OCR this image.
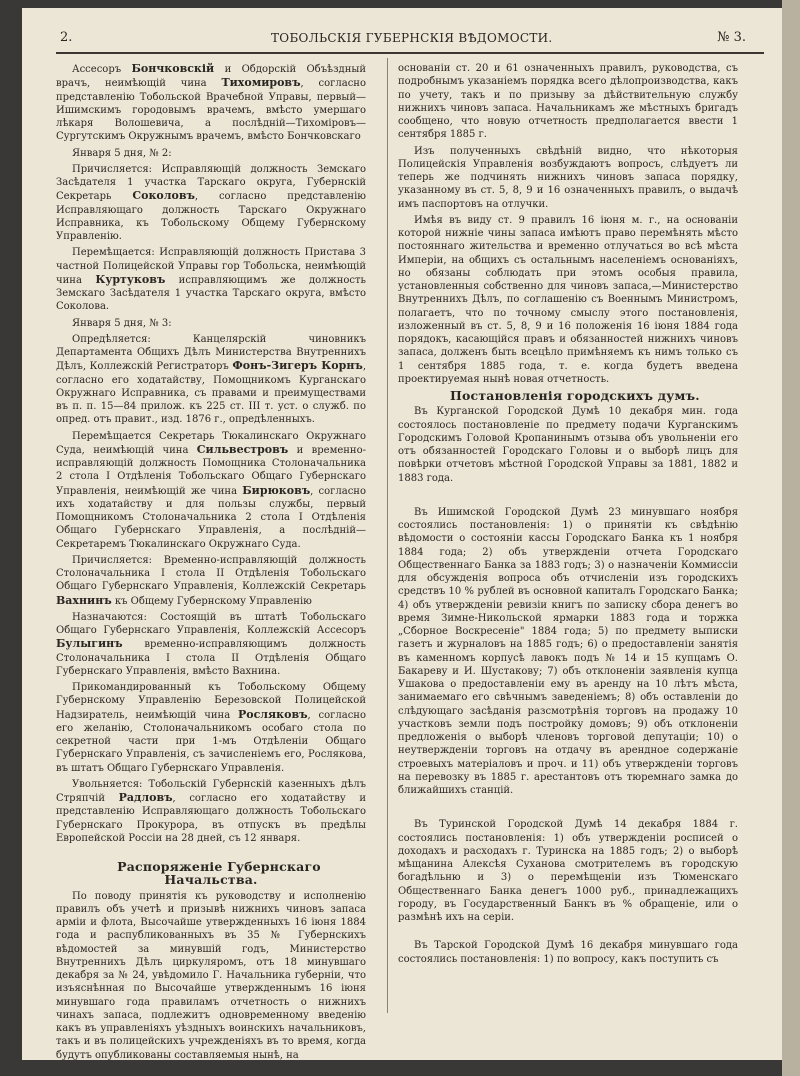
2.	ТОБОЛЬСКІЯ ГУБЕРНСКІЯ ВѢДОМОСТИ.	№ 3.

Ассесоръ Бончковскій и Обдорскій Объѣздный врачъ, неимѣющій чина Тихомировъ, согласно представленію Тобольской Врачебной Управы, первый—Ишимскимъ городовымъ врачемъ, вмѣсто умершаго лѣкаря Волошевича, а послѣдній—Тихоміровъ—Сургутскимъ Окружнымъ врачемъ, вмѣсто Бончковскаго

Января 5 дня, № 2:

Причисляется: Исправляющій должность Земскаго Засѣдателя 1 участка Тарскаго округа, Губернскій Секретарь Соколовъ, согласно представленію Исправляющаго должность Тарскаго Окружнаго Исправника, къ Тобольскому Общему Губернскому Управленію.

Перемѣщается: Исправляющій должность Пристава 3 частной Полицейской Управы гор Тобольска, неимѣющій чина Куртуковъ исправляющимъ же должность Земскаго Засѣдателя 1 участка Тарскаго округа, вмѣсто Соколова.

Января 5 дня, № 3:

Опредѣляется: Канцелярскій чиновникъ Департамента Общихъ Дѣлъ Министерства Внутреннихъ Дѣлъ, Коллежскій Регистраторъ Фонъ-Зигеръ Корнъ, согласно его ходатайству, Помощникомъ Курганскаго Окружнаго Исправника, съ правами и преимуществами въ п. п. 15—84 прилож. къ 225 ст. III т. уст. о служб. по опред. отъ правит., изд. 1876 г., опредѣленныхъ.

Перемѣщается Секретарь Тюкалинскаго Окружнаго Суда, неимѣющій чина Сильвестровъ и временно-исправляющій должность Помощника Столоначальника 2 стола I Отдѣленія Тобольскаго Общаго Губернскаго Управленія, неимѣющій же чина Бирюковъ, согласно ихъ ходатайству и для пользы службы, первый Помощникомъ Столоначальника 2 стола I Отдѣленія Общаго Губернскаго Управленія, а послѣдній—Секретаремъ Тюкалинскаго Окружнаго Суда.

Причисляется: Временно-исправляющій должность Столоначальника I стола II Отдѣленія Тобольскаго Общаго Губернскаго Управленія, Коллежскій Секретарь Вахнинъ къ Общему Губернскому Управленію

Назначаются: Состоящій въ штатѣ Тобольскаго Общаго Губернскаго Управленія, Коллежскій Ассесоръ Булыгинъ временно-исправляющимъ должность Столоначальника I стола II Отдѣленія Общаго Губернскаго Управленія, вмѣсто Вахнина.

Прикомандированный къ Тобольскому Общему Губернскому Управленію Березовской Полицейской Надзиратель, неимѣющій чина Росляковъ, согласно его желанію, Столоначальникомъ особаго стола по секретной части при 1-мъ Отдѣленіи Общаго Губернскаго Управленія, съ зачисленіемъ его, Рослякова, въ штатъ Общаго Губернскаго Управленія.

Увольняется: Тобольскій Губернскій казенныхъ дѣлъ Стряпчій Радловъ, согласно его ходатайству и представленію Исправляющаго должность Тобольскаго Губернскаго Прокурора, въ отпускъ въ предѣлы Европейской Россіи на 28 дней, съ 12 января.

Распоряженіе Губернскаго Начальства.

По поводу принятія къ руководству и исполненію правилъ объ учетѣ и призывѣ нижнихъ чиновъ запаса арміи и флота, Высочайше утвержденныхъ 16 іюня 1884 года и распубликованныхъ въ 35 № Губернскихъ вѣдомостей за минувшій годъ, Министерство Внутреннихъ Дѣлъ циркуляромъ, отъ 18 минувшаго декабря за № 24, увѣдомило Г. Начальника губерніи, что изъяснѣнная по Высочайше утвержденнымъ 16 іюня минувшаго года правиламъ отчетность о нижнихъ чинахъ запаса, подлежитъ одновременному введенію какъ въ управленіяхъ уѣздныхъ воинскихъ начальниковъ, такъ и въ полицейскихъ учрежденіяхъ въ то время, когда будутъ опубликованы составляемыя нынѣ, на

основаніи ст. 20 и 61 означенныхъ правилъ, руководства, съ подробнымъ указаніемъ порядка всего дѣлопроизводства, какъ по учету, такъ и по призыву за дѣйствительную службу нижнихъ чиновъ запаса. Начальникамъ же мѣстныхъ бригадъ сообщено, что новую отчетность предполагается ввести 1 сентября 1885 г.

Изъ полученныхъ свѣдѣній видно, что нѣкоторыя Полицейскія Управленія возбуждаютъ вопросъ, слѣдуетъ ли теперь же подчинять нижнихъ чиновъ запаса порядку, указанному въ ст. 5, 8, 9 и 16 означенныхъ правилъ, о выдачѣ имъ паспортовъ на отлучки.

Имѣя въ виду ст. 9 правилъ 16 іюня м. г., на основаніи которой нижніе чины запаса имѣютъ право перемѣнять мѣсто постояннаго жительства и временно отлучаться во всѣ мѣста Имперіи, на общихъ съ остальнымъ населеніемъ основаніяхъ, но обязаны соблюдать при этомъ особыя правила, установленныя собственно для чиновъ запаса,—Министерство Внутреннихъ Дѣлъ, по соглашенію съ Военнымъ Министромъ, полагаетъ, что по точному смыслу этого постановленія, изложенный въ ст. 5, 8, 9 и 16 положенія 16 іюня 1884 года порядокъ, касающійся правъ и обязанностей нижнихъ чиновъ запаса, долженъ быть всецѣло примѣняемъ къ нимъ только съ 1 сентября 1885 года, т. е. когда будетъ введена проектируемая нынѣ новая отчетность.

Постановленія городскихъ думъ.

Въ Курганской Городской Думѣ 10 декабря мин. года состоялось постановленіе по предмету подачи Курганскимъ Городскимъ Головой Кропанинымъ отзыва объ увольненіи его отъ обязанностей Городскаго Головы и о выборѣ лицъ для повѣрки отчетовъ мѣстной Городской Управы за 1881, 1882 и 1883 года.

Въ Ишимской Городской Думѣ 23 минувшаго ноября состоялись постановленія: 1) о принятіи къ свѣдѣнію вѣдомости о состояніи кассы Городскаго Банка къ 1 ноября 1884 года; 2) объ утвержденіи отчета Городскаго Общественнаго Банка за 1883 годъ; 3) о назначеніи Коммиссіи для обсужденія вопроса объ отчисленіи изъ городскихъ средствъ 10 % рублей въ основной капиталъ Городскаго Банка; 4) объ утвержденіи ревизіи книгъ по записку сбора денегъ во время Зимне-Никольской ярмарки 1883 года и торжка „Сборное Воскресеніе" 1884 года; 5) по предмету выписки газетъ и журналовъ на 1885 годъ; 6) о предоставленіи занятія въ каменномъ корпусѣ лавокъ подъ № 14 и 15 купцамъ О. Бакареву и И. Шустакову; 7) объ отклоненіи заявленія купца Ушакова о предоставленіи ему въ аренду на 10 лѣтъ мѣста, занимаемаго его свѣчнымъ заведеніемъ; 8) объ оставленіи до слѣдующаго засѣданія разсмотрѣнія торговъ на продажу 10 участковъ земли подъ постройку домовъ; 9) объ отклоненіи предложенія о выборѣ членовъ торговой депутаціи; 10) о неутвержденіи торговъ на отдачу въ арендное содержаніе строевыхъ матеріаловъ и проч. и 11) объ утвержденіи торговъ на перевозку въ 1885 г. арестантовъ отъ тюремнаго замка до ближайшихъ станцій.

Въ Туринской Городской Думѣ 14 декабря 1884 г. состоялись постановленія: 1) объ утвержденіи росписей о доходахъ и расходахъ г. Туринска на 1885 годъ; 2) о выборѣ мѣщанина Алексѣя Суханова смотрителемъ въ городскую богадѣльню и 3) о перемѣщеніи изъ Тюменскаго Общественнаго Банка денегъ 1000 руб., принадлежащихъ городу, въ Государственный Банкъ въ % обращеніе, или о размѣнѣ ихъ на серіи.

Въ Тарской Городской Думѣ 16 декабря минувшаго года состоялись постановленія: 1) по вопросу, какъ поступить съ
